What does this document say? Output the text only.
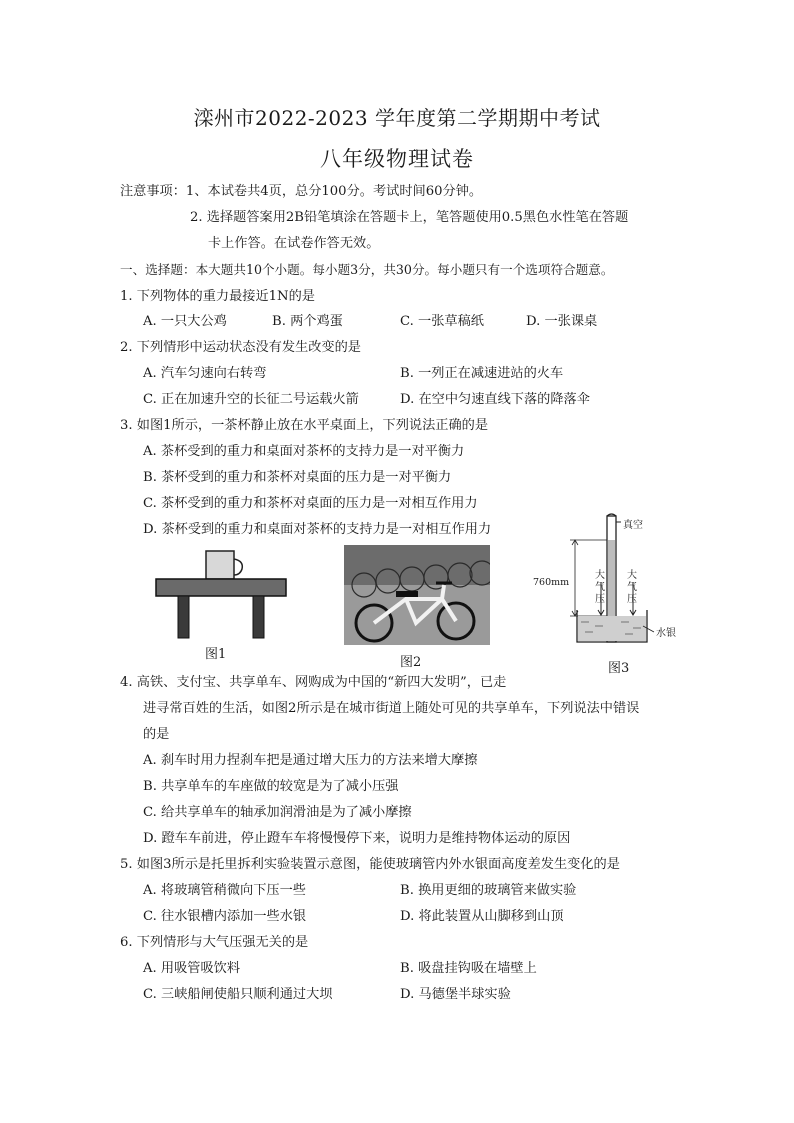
滦州市2022-2023 学年度第二学期期中考试
八年级物理试卷
注意事项：1、本试卷共4页，总分100分。考试时间60分钟。
2. 选择题答案用2B铅笔填涂在答题卡上，笔答题使用0.5黑色水性笔在答题
卡上作答。在试卷作答无效。
一、选择题：本大题共10个小题。每小题3分，共30分。每小题只有一个选项符合题意。
1. 下列物体的重力最接近1N的是
A. 一只大公鸡	B. 两个鸡蛋	C. 一张草稿纸	D. 一张课桌
2. 下列情形中运动状态没有发生改变的是
A. 汽车匀速向右转弯	B. 一列正在减速进站的火车
C. 正在加速升空的长征二号运载火箭	D. 在空中匀速直线下落的降落伞
3. 如图1所示，一茶杯静止放在水平桌面上，下列说法正确的是
A. 茶杯受到的重力和桌面对茶杯的支持力是一对平衡力
B. 茶杯受到的重力和茶杯对桌面的压力是一对平衡力
C. 茶杯受到的重力和茶杯对桌面的压力是一对相互作用力
D. 茶杯受到的重力和桌面对茶杯的支持力是一对相互作用力
图1
图2
真空
760mm
大气压
大气压
水银
图3
4. 高铁、支付宝、共享单车、网购成为中国的“新四大发明”，已走
进寻常百姓的生活，如图2所示是在城市街道上随处可见的共享单车，下列说法中错误
的是
A. 刹车时用力捏刹车把是通过增大压力的方法来增大摩擦
B. 共享单车的车座做的较宽是为了减小压强
C. 给共享单车的轴承加润滑油是为了减小摩擦
D. 蹬车车前进，停止蹬车车将慢慢停下来，说明力是维持物体运动的原因
5. 如图3所示是托里拆利实验装置示意图，能使玻璃管内外水银面高度差发生变化的是
A. 将玻璃管稍微向下压一些	B. 换用更细的玻璃管来做实验
C. 往水银槽内添加一些水银	D. 将此装置从山脚移到山顶
6. 下列情形与大气压强无关的是
A. 用吸管吸饮料	B. 吸盘挂钩吸在墙壁上
C. 三峡船闸使船只顺利通过大坝	D. 马德堡半球实验
